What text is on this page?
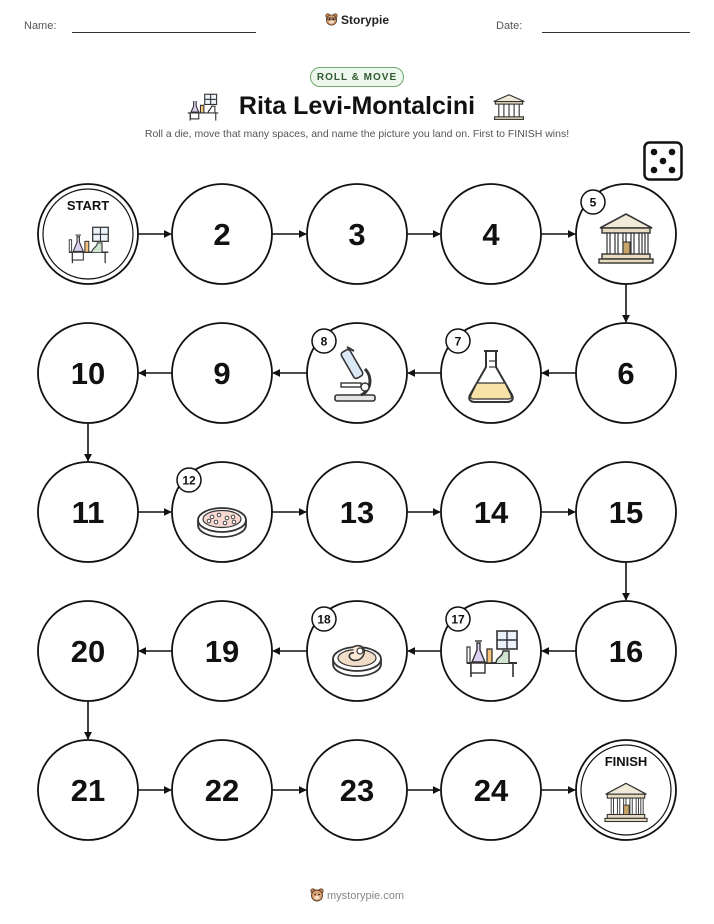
Name:	Storypie	Date:
ROLL & MOVE
Rita Levi-Montalcini
Roll a die, move that many spaces, and name the picture you land on. First to FINISH wins!
START
2	3	4
5
6
7
8
9
10
11
12
13	14	15
16
17
18
19
20
21	22	23	24
FINISH
mystorypie.com
